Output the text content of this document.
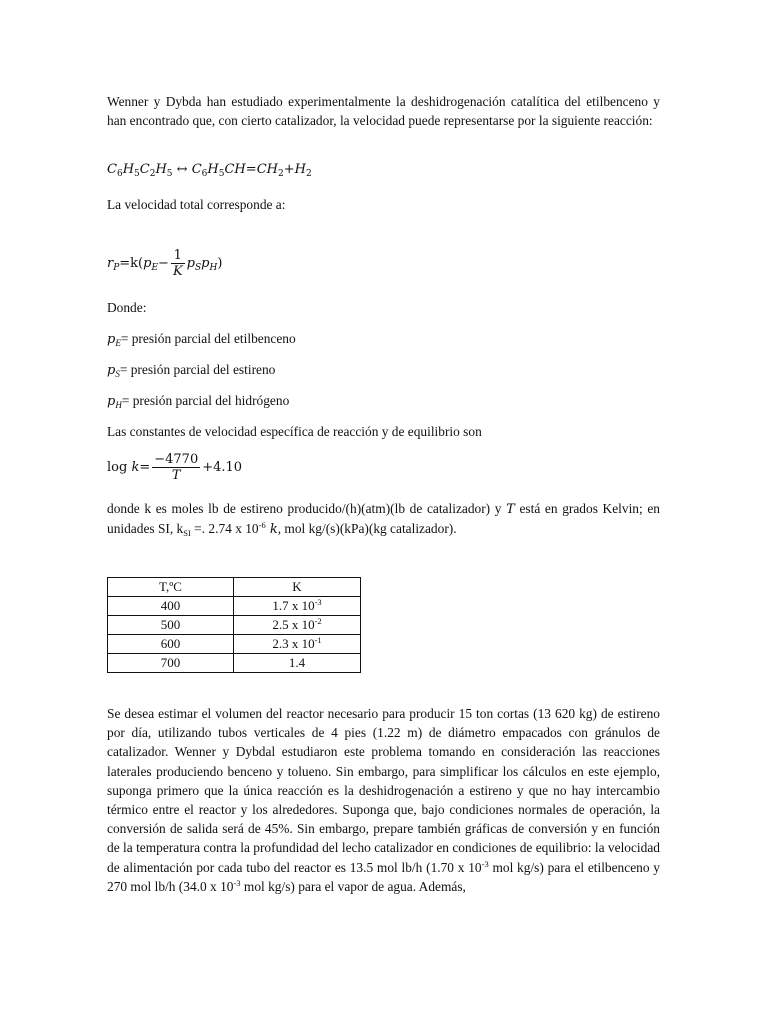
Wenner y Dybda han estudiado experimentalmente la deshidrogenación catalítica del etilbenceno y han encontrado que, con cierto catalizador, la velocidad puede representarse por la siguiente reacción:

$C_6H_5C_2H_5$ ↔ $C_6H_5CH=CH_2+H_2$
La velocidad total corresponde a:
$r_P=k(p_E- \frac{1}{K} p_Sp_H)$
Donde:
$p_E=$ presión parcial del etilbenceno
$p_S=$ presión parcial del estireno
$p_H=$ presión parcial del hidrógeno
Las constantes de velocidad específica de reacción y de equilibrio son
$\log k= \frac{-4770}{T} +4.10$

donde k es moles lb de estireno producido/(h)(atm)(lb de catalizador) y T está en grados Kelvin; en unidades SI, $k_{SI}$ =. 2.74 x $10^{-6}$ k, mol kg/(s)(kPa)(kg catalizador).

T,ºC	K
400	1.7 x $10^{-3}$
500	2.5 x $10^{-2}$
600	2.3 x $10^{-1}$
700	1.4

Se desea estimar el volumen del reactor necesario para producir 15 ton cortas (13 620 kg) de estireno por día, utilizando tubos verticales de 4 pies (1.22 m) de diámetro empacados con gránulos de catalizador. Wenner y Dybdal estudiaron este problema tomando en consideración las reacciones laterales produciendo benceno y tolueno. Sin embargo, para simplificar los cálculos en este ejemplo, suponga primero que la única reacción es la deshidrogenación a estireno y que no hay intercambio térmico entre el reactor y los alrededores. Suponga que, bajo condiciones normales de operación, la conversión de salida será de 45%. Sin embargo, prepare también gráficas de conversión y en función de la temperatura contra la profundidad del lecho catalizador en condiciones de equilibrio: la velocidad de alimentación por cada tubo del reactor es 13.5 mol lb/h (1.70 x $10^{-3}$ mol kg/s) para el etilbenceno y 270 mol lb/h (34.0 x $10^{-3}$ mol kg/s) para el vapor de agua. Además,
